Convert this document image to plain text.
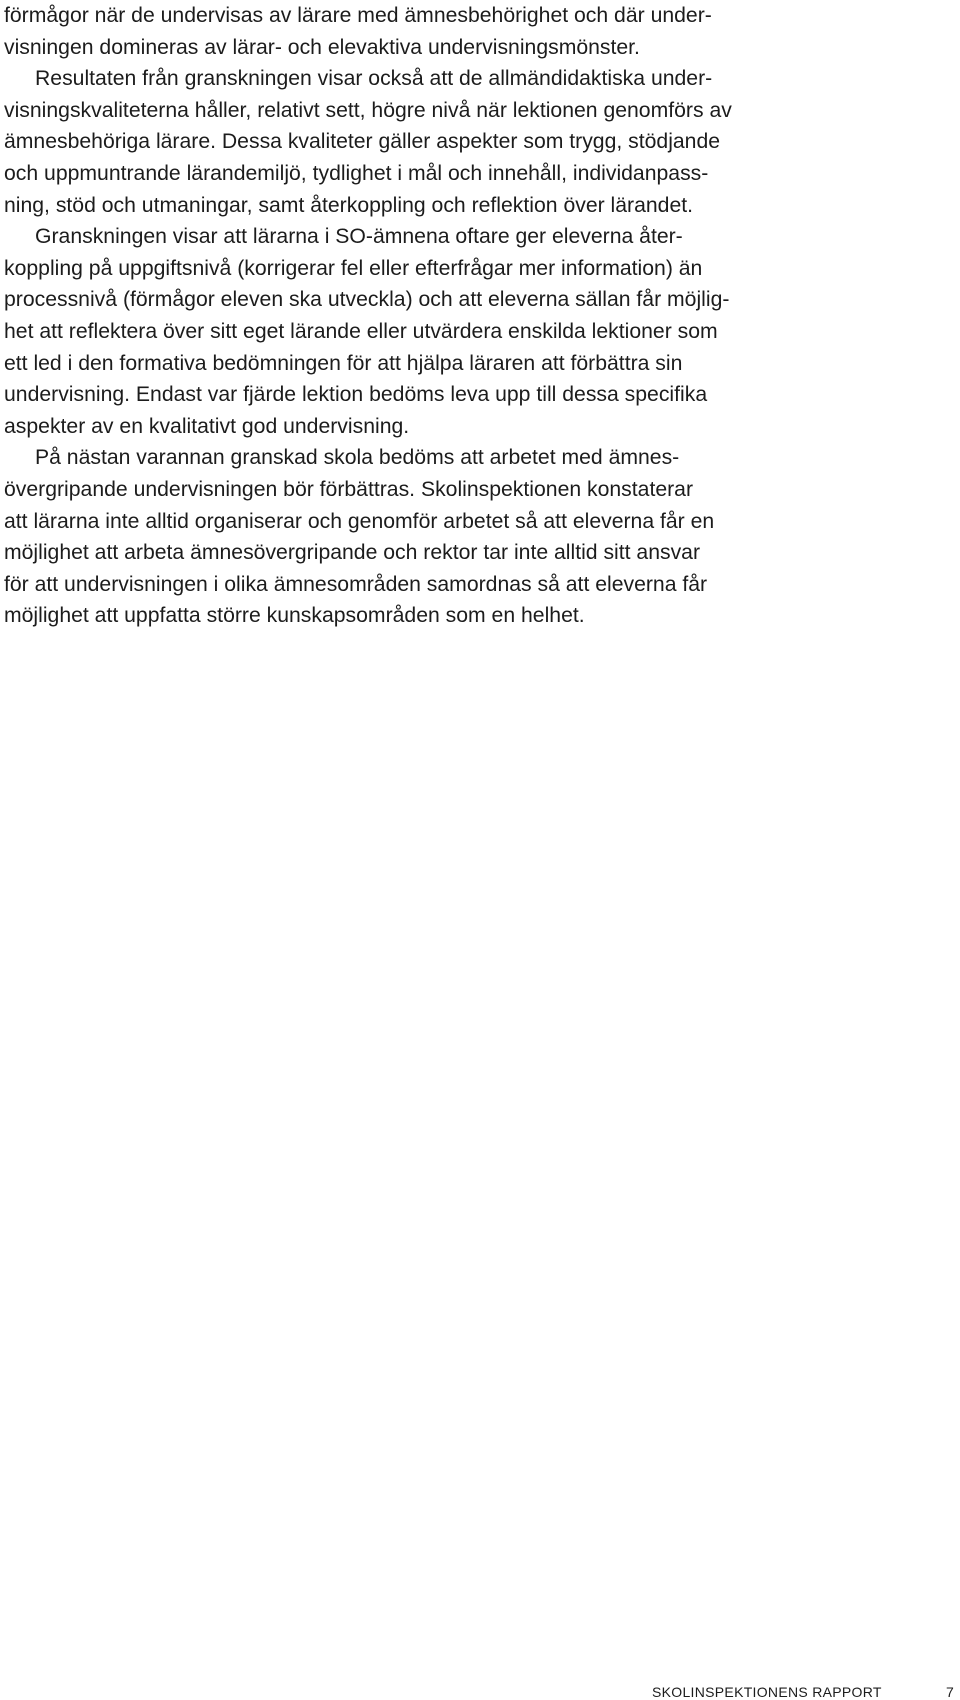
förmågor när de undervisas av lärare med ämnesbehörighet och där under-
visningen domineras av lärar- och elevaktiva undervisningsmönster.
Resultaten från granskningen visar också att de allmändidaktiska under-
visningskvaliteterna håller, relativt sett, högre nivå när lektionen genomförs av
ämnesbehöriga lärare. Dessa kvaliteter gäller aspekter som trygg, stödjande
och uppmuntrande lärandemiljö, tydlighet i mål och innehåll, individanpass-
ning, stöd och utmaningar, samt återkoppling och reflektion över lärandet.
Granskningen visar att lärarna i SO-ämnena oftare ger eleverna åter-
koppling på uppgiftsnivå (korrigerar fel eller efterfrågar mer information) än
processnivå (förmågor eleven ska utveckla) och att eleverna sällan får möjlig-
het att reflektera över sitt eget lärande eller utvärdera enskilda lektioner som
ett led i den formativa bedömningen för att hjälpa läraren att förbättra sin
undervisning. Endast var fjärde lektion bedöms leva upp till dessa specifika
aspekter av en kvalitativt god undervisning.
På nästan varannan granskad skola bedöms att arbetet med ämnes-
övergripande undervisningen bör förbättras. Skolinspektionen konstaterar
att lärarna inte alltid organiserar och genomför arbetet så att eleverna får en
möjlighet att arbeta ämnesövergripande och rektor tar inte alltid sitt ansvar
för att undervisningen i olika ämnesområden samordnas så att eleverna får
möjlighet att uppfatta större kunskapsområden som en helhet.
SKOLINSPEKTIONENS RAPPORT	7
